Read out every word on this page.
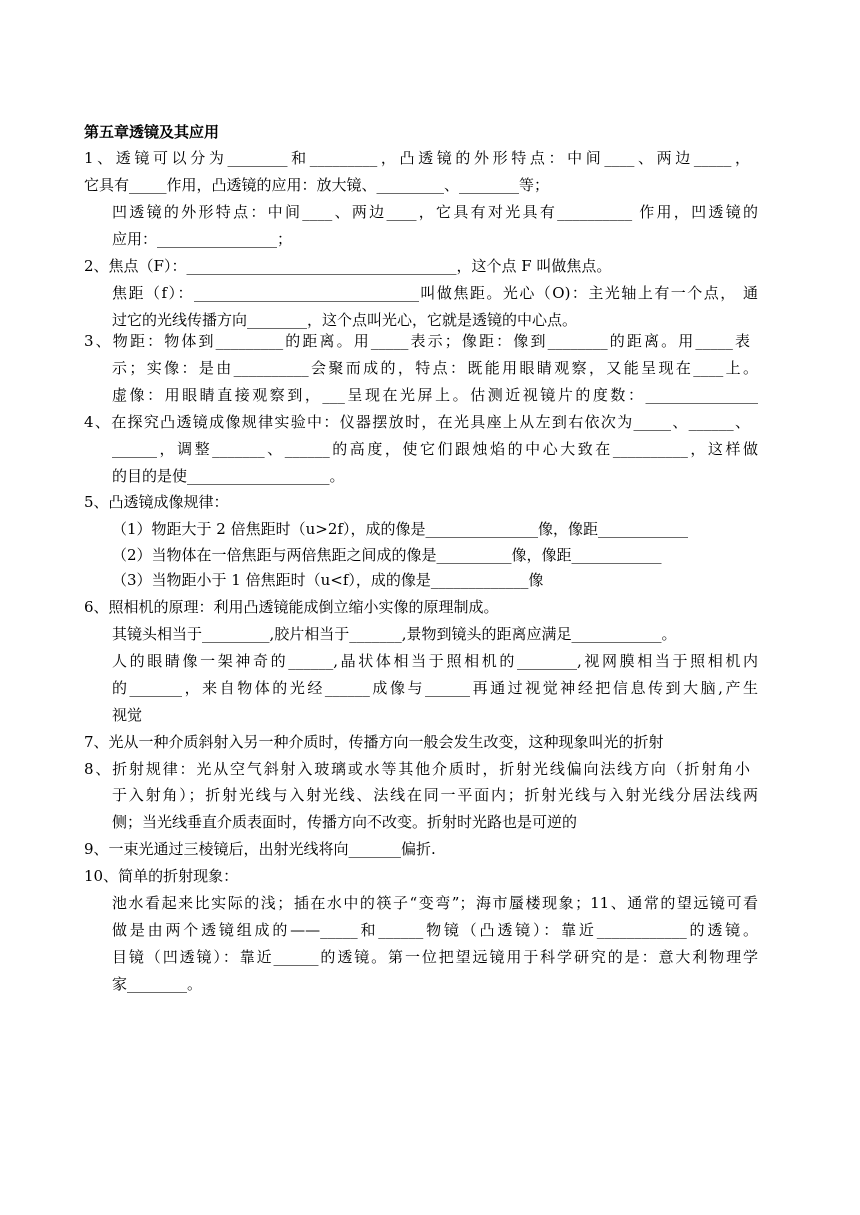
第五章透镜及其应用
1、透镜可以分为________和_________，凸透镜的外形特点：中间____、两边_____，
它具有_____作用，凸透镜的应用：放大镜、_________、________等；
凹透镜的外形特点：中间____、两边____，它具有对光具有__________ 作用，凹透镜的
应用：________________；
2、焦点（F）：____________________________________，这个点 F 叫做焦点。
焦距（f）：______________________________叫做焦距。光心（O)：主光轴上有一个点， 通
过它的光线传播方向________，这个点叫光心，它就是透镜的中心点。
3、物距：物体到_________的距离。用_____表示；像距：像到________的距离。用_____表
示；实像：是由__________会聚而成的，特点：既能用眼睛观察，又能呈现在____上。
虚像：用眼睛直接观察到，___呈现在光屏上。估测近视镜片的度数：_______________
4、在探究凸透镜成像规律实验中：仪器摆放时，在光具座上从左到右依次为_____、______、
______，调整_______、______的高度，使它们跟烛焰的中心大致在__________，这样做
的目的是使___________________。
5、凸透镜成像规律：
（1）物距大于 2 倍焦距时（u>2f），成的像是_______________像，像距____________
（2）当物体在一倍焦距与两倍焦距之间成的像是__________像，像距____________
（3）当物距小于 1 倍焦距时（u<f），成的像是_____________像
6、照相机的原理：利用凸透镜能成倒立缩小实像的原理制成。
其镜头相当于_________,胶片相当于_______,景物到镜头的距离应满足____________。
人的眼睛像一架神奇的______,晶状体相当于照相机的________,视网膜相当于照相机内
的_______，来自物体的光经______成像与______再通过视觉神经把信息传到大脑,产生
视觉
7、光从一种介质斜射入另一种介质时，传播方向一般会发生改变，这种现象叫光的折射
8、折射规律：光从空气斜射入玻璃或水等其他介质时，折射光线偏向法线方向（折射角小
于入射角）；折射光线与入射光线、法线在同一平面内；折射光线与入射光线分居法线两
侧；当光线垂直介质表面时，传播方向不改变。折射时光路也是可逆的
9、一束光通过三棱镜后，出射光线将向_______偏折.
10、简单的折射现象：
池水看起来比实际的浅；插在水中的筷子“变弯”；海市蜃楼现象；11、通常的望远镜可看
做是由两个透镜组成的——_____和______物镜（凸透镜）：靠近____________的透镜。
目镜（凹透镜）：靠近______的透镜。第一位把望远镜用于科学研究的是：意大利物理学
家________。
